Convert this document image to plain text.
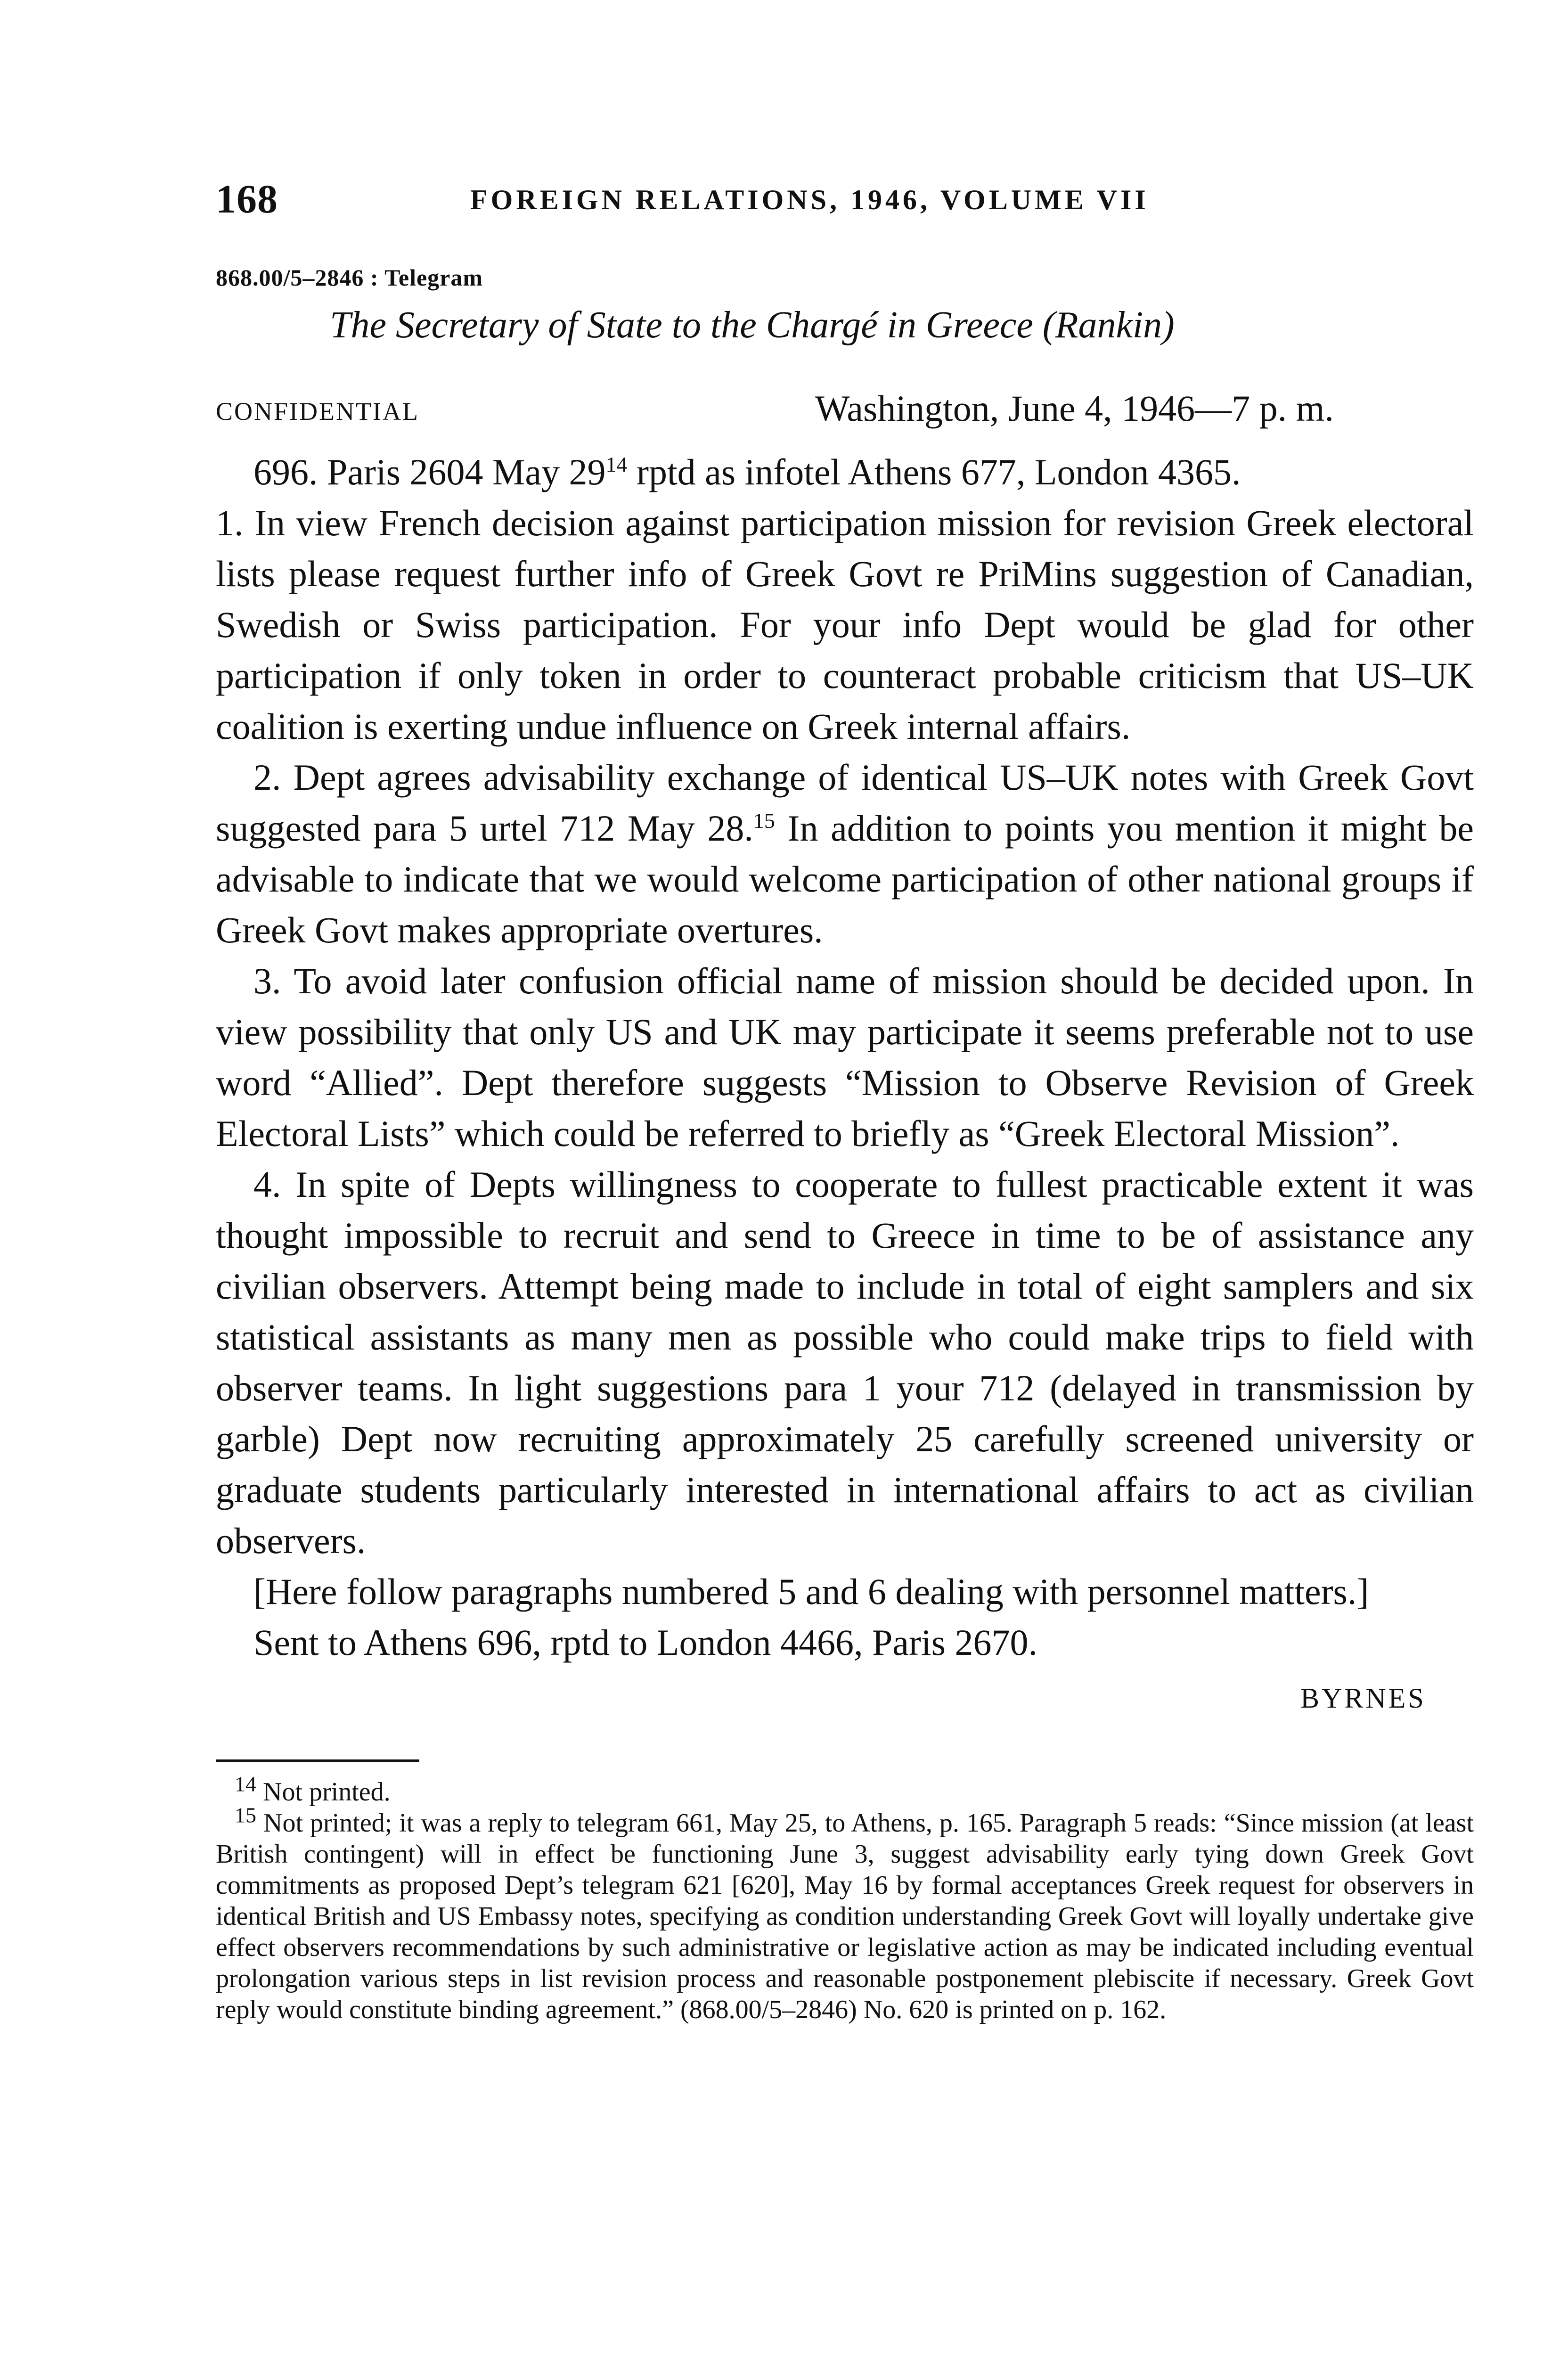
168	FOREIGN RELATIONS, 1946, VOLUME VII
868.00/5–2846 : Telegram
The Secretary of State to the Chargé in Greece (Rankin)
CONFIDENTIAL	Washington, June 4, 1946—7 p. m.

696. Paris 2604 May $29^{14}$ rptd as infotel Athens 677, London 4365.

1. In view French decision against participation mission for revision Greek electoral lists please request further info of Greek Govt re PriMins suggestion of Canadian, Swedish or Swiss participation. For your info Dept would be glad for other participation if only token in order to counteract probable criticism that US–UK coalition is exerting undue influence on Greek internal affairs.

2. Dept agrees advisability exchange of identical US–UK notes with Greek Govt suggested para 5 urtel 712 May 28.15 In addition to points you mention it might be advisable to indicate that we would welcome participation of other national groups if Greek Govt makes appropriate overtures.

3. To avoid later confusion official name of mission should be decided upon. In view possibility that only US and UK may participate it seems preferable not to use word “Allied”. Dept therefore suggests “Mission to Observe Revision of Greek Electoral Lists” which could be referred to briefly as “Greek Electoral Mission”.

4. In spite of Depts willingness to cooperate to fullest practicable extent it was thought impossible to recruit and send to Greece in time to be of assistance any civilian observers. Attempt being made to include in total of eight samplers and six statistical assistants as many men as possible who could make trips to field with observer teams. In light suggestions para 1 your 712 (delayed in transmission by garble) Dept now recruiting approximately 25 carefully screened university or graduate students particularly interested in international affairs to act as civilian observers.

[Here follow paragraphs numbered 5 and 6 dealing with personnel matters.]

Sent to Athens 696, rptd to London 4466, Paris 2670.

BYRNES

$^{14}$ Not printed.

$^{15}$ Not printed; it was a reply to telegram 661, May 25, to Athens, p. 165. Paragraph 5 reads: “Since mission (at least British contingent) will in effect be functioning June 3, suggest advisability early tying down Greek Govt commitments as proposed Dept’s telegram 621 [620], May 16 by formal acceptances Greek request for observers in identical British and US Embassy notes, specifying as condition understanding Greek Govt will loyally undertake give effect observers recommendations by such administrative or legislative action as may be indicated including eventual prolongation various steps in list revision process and reasonable postponement plebiscite if necessary. Greek Govt reply would constitute binding agreement.” (868.00/5–2846) No. 620 is printed on p. 162.
